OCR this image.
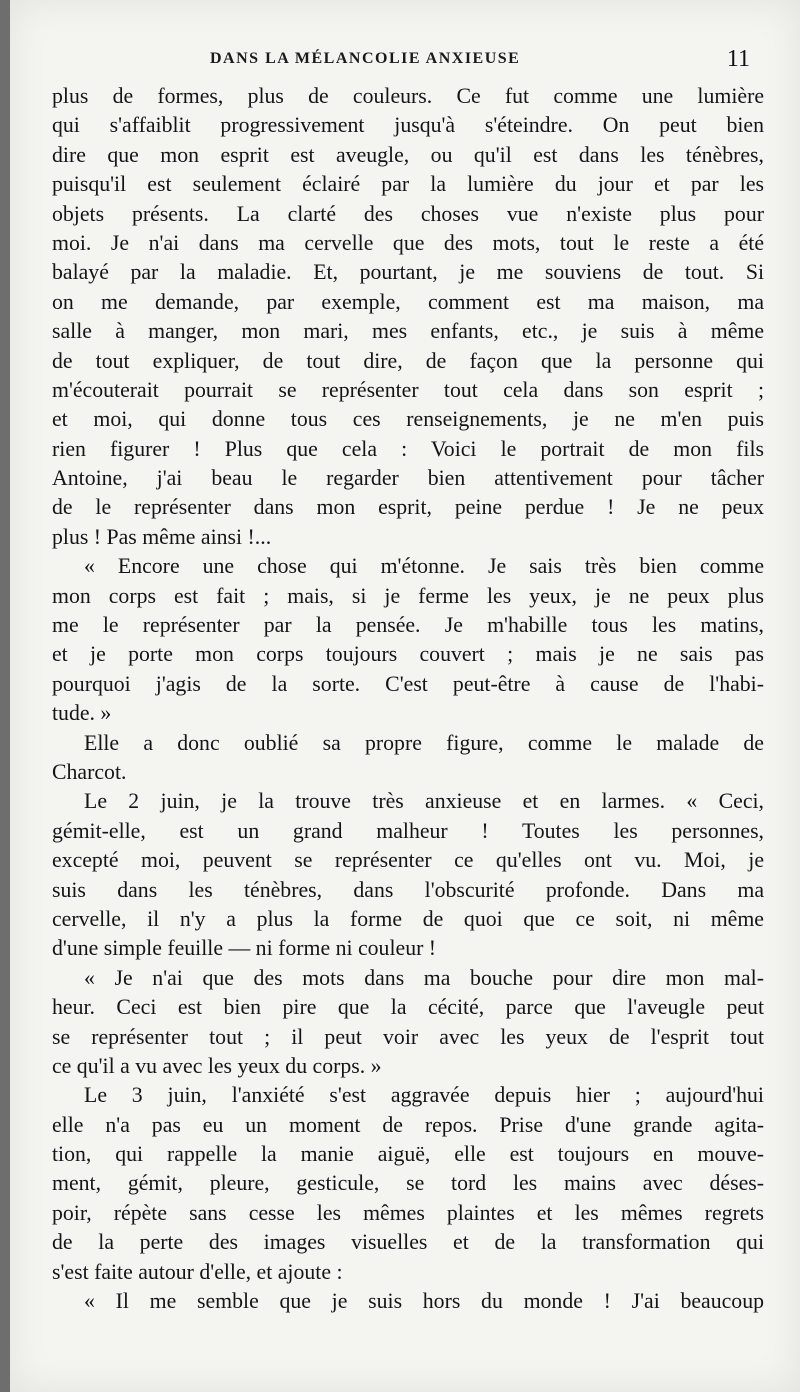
DANS LA MÉLANCOLIE ANXIEUSE	11
plus de formes, plus de couleurs. Ce fut comme une lumière
qui s'affaiblit progressivement jusqu'à s'éteindre. On peut bien
dire que mon esprit est aveugle, ou qu'il est dans les ténèbres,
puisqu'il est seulement éclairé par la lumière du jour et par les
objets présents. La clarté des choses vue n'existe plus pour
moi. Je n'ai dans ma cervelle que des mots, tout le reste a été
balayé par la maladie. Et, pourtant, je me souviens de tout. Si
on me demande, par exemple, comment est ma maison, ma
salle à manger, mon mari, mes enfants, etc., je suis à même
de tout expliquer, de tout dire, de façon que la personne qui
m'écouterait pourrait se représenter tout cela dans son esprit ;
et moi, qui donne tous ces renseignements, je ne m'en puis
rien figurer ! Plus que cela : Voici le portrait de mon fils
Antoine, j'ai beau le regarder bien attentivement pour tâcher
de le représenter dans mon esprit, peine perdue ! Je ne peux
plus ! Pas même ainsi !...
« Encore une chose qui m'étonne. Je sais très bien comme
mon corps est fait ; mais, si je ferme les yeux, je ne peux plus
me le représenter par la pensée. Je m'habille tous les matins,
et je porte mon corps toujours couvert ; mais je ne sais pas
pourquoi j'agis de la sorte. C'est peut-être à cause de l'habi-
tude. »
Elle a donc oublié sa propre figure, comme le malade de
Charcot.
Le 2 juin, je la trouve très anxieuse et en larmes. « Ceci,
gémit-elle, est un grand malheur ! Toutes les personnes,
excepté moi, peuvent se représenter ce qu'elles ont vu. Moi, je
suis dans les ténèbres, dans l'obscurité profonde. Dans ma
cervelle, il n'y a plus la forme de quoi que ce soit, ni même
d'une simple feuille — ni forme ni couleur !
« Je n'ai que des mots dans ma bouche pour dire mon mal-
heur. Ceci est bien pire que la cécité, parce que l'aveugle peut
se représenter tout ; il peut voir avec les yeux de l'esprit tout
ce qu'il a vu avec les yeux du corps. »
Le 3 juin, l'anxiété s'est aggravée depuis hier ; aujourd'hui
elle n'a pas eu un moment de repos. Prise d'une grande agita-
tion, qui rappelle la manie aiguë, elle est toujours en mouve-
ment, gémit, pleure, gesticule, se tord les mains avec déses-
poir, répète sans cesse les mêmes plaintes et les mêmes regrets
de la perte des images visuelles et de la transformation qui
s'est faite autour d'elle, et ajoute :
« Il me semble que je suis hors du monde ! J'ai beaucoup
